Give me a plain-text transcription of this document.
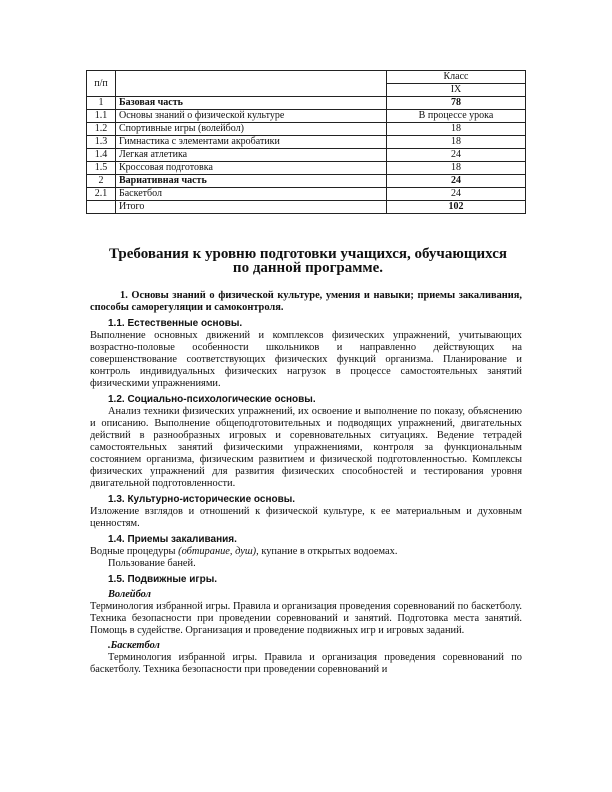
п/п		Класс
		IX
1	Базовая часть	78
1.1	Основы знаний о физической культуре	В процессе урока
1.2	Спортивные игры (волейбол)	18
1.3	Гимнастика с элементами акробатики	18
1.4	Легкая атлетика	24
1.5	Кроссовая подготовка	18
2	Вариативная часть	24
2.1	Баскетбол	24
	Итого	102
Требования к уровню подготовки учащихся, обучающихся
по данной программе.

1. Основы знаний о физической культуре, умения и навыки; приемы закаливания, способы саморегуляции и самоконтроля.

1.1. Естественные основы.

Выполнение основных движений и комплексов физических упражнений, учитывающих возрастно-половые особенности школьников и направленно действующих на совершенствование соответствующих физических функций организма. Планирование и контроль индивидуальных физических нагрузок в процессе самостоятельных занятий физическими упражнениями.

1.2. Социально-психологические основы.

Анализ техники физических упражнений, их освоение и выполнение по показу, объяснению и описанию. Выполнение общеподготовительных и подводящих упражнений, двигательных действий в разнообразных игровых и соревновательных ситуациях. Ведение тетрадей самостоятельных занятий физическими упражнениями, контроля за функциональным состоянием организма, физическим развитием и физической подготовленностью. Комплексы физических упражнений для развития физических способностей и тестирования уровня двигательной подготовленности.

1.3. Культурно-исторические основы.

Изложение взглядов и отношений к физической культуре, к ее материальным и духовным ценностям.

1.4. Приемы закаливания.

Водные процедуры (обтирание, душ), купание в открытых водоемах.

Пользование баней.

1.5. Подвижные игры.

Волейбол

Терминология избранной игры. Правила и организация проведения соревнований по баскетболу. Техника безопасности при проведении соревнований и занятий. Подготовка места занятий. Помощь в судействе. Организация и проведение подвижных игр и игровых заданий.

.Баскетбол

Терминология избранной игры. Правила и организация проведения соревнований по баскетболу. Техника безопасности при проведении соревнований и
